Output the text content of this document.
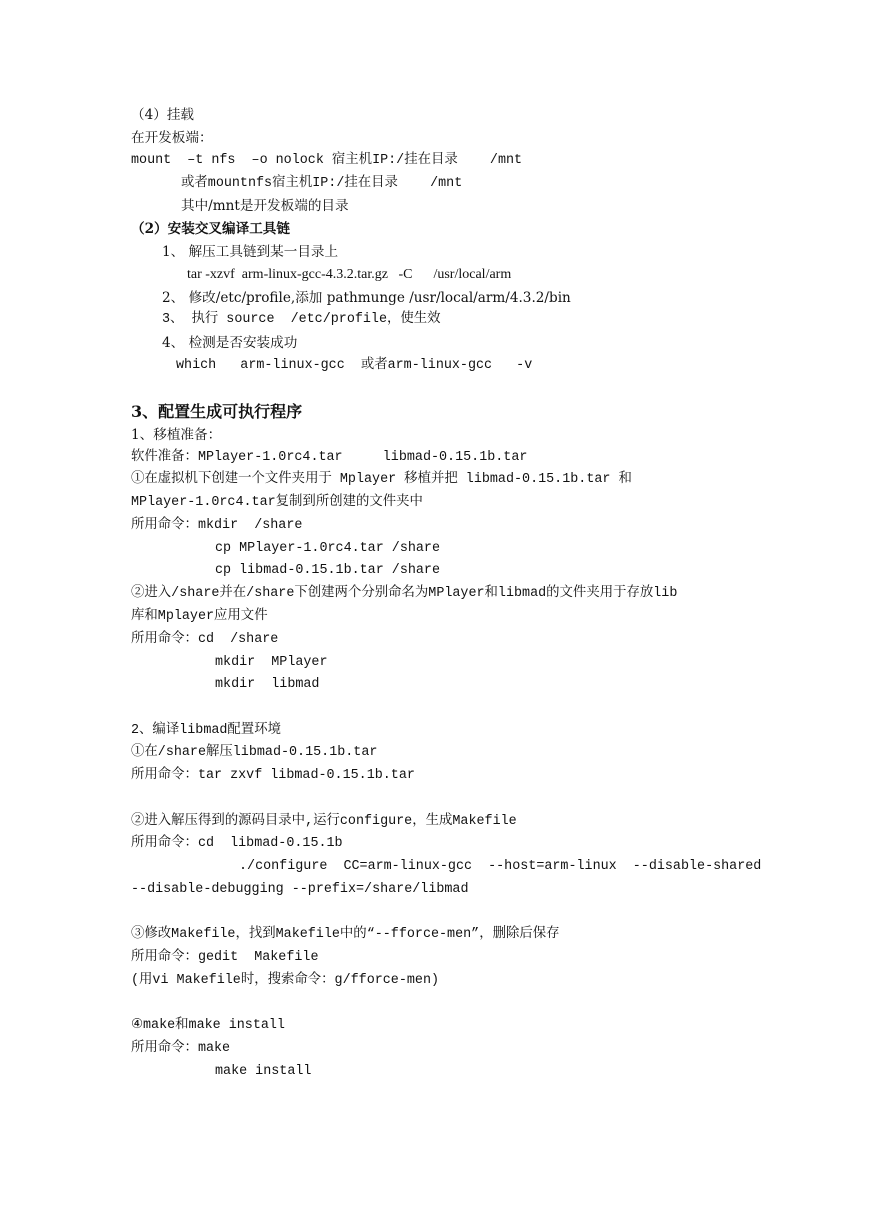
（4）挂载
在开发板端：
mount  –t nfs  –o nolock 宿主机IP:/挂在目录    /mnt
或者mountnfs宿主机IP:/挂在目录    /mnt
其中/mnt是开发板端的目录
（2）安装交叉编译工具链
1、 解压工具链到某一目录上
tar -xzvf  arm-linux-gcc-4.3.2.tar.gz   -C      /usr/local/arm
2、 修改/etc/profile,添加 pathmunge /usr/local/arm/4.3.2/bin
3、 执行 source  /etc/profile，使生效
4、 检测是否安装成功
which   arm-linux-gcc  或者arm-linux-gcc   -v
3、配置生成可执行程序
1、移植准备：
软件准备：MPlayer-1.0rc4.tar     libmad-0.15.1b.tar
①在虚拟机下创建一个文件夹用于 Mplayer 移植并把 libmad-0.15.1b.tar 和
MPlayer-1.0rc4.tar复制到所创建的文件夹中
所用命令：mkdir  /share
cp MPlayer-1.0rc4.tar /share
cp libmad-0.15.1b.tar /share
②进入/share并在/share下创建两个分别命名为MPlayer和libmad的文件夹用于存放lib
库和Mplayer应用文件
所用命令：cd  /share
mkdir  MPlayer
mkdir  libmad
2、编译libmad配置环境
①在/share解压libmad-0.15.1b.tar
所用命令：tar zxvf libmad-0.15.1b.tar
②进入解压得到的源码目录中,运行configure，生成Makefile
所用命令：cd  libmad-0.15.1b
./configure  CC=arm-linux-gcc  --host=arm-linux  --disable-shared
--disable-debugging --prefix=/share/libmad
③修改Makefile，找到Makefile中的“--fforce-men”，删除后保存
所用命令：gedit  Makefile
(用vi Makefile时，搜索命令：g/fforce-men)
④make和make install
所用命令：make
make install
